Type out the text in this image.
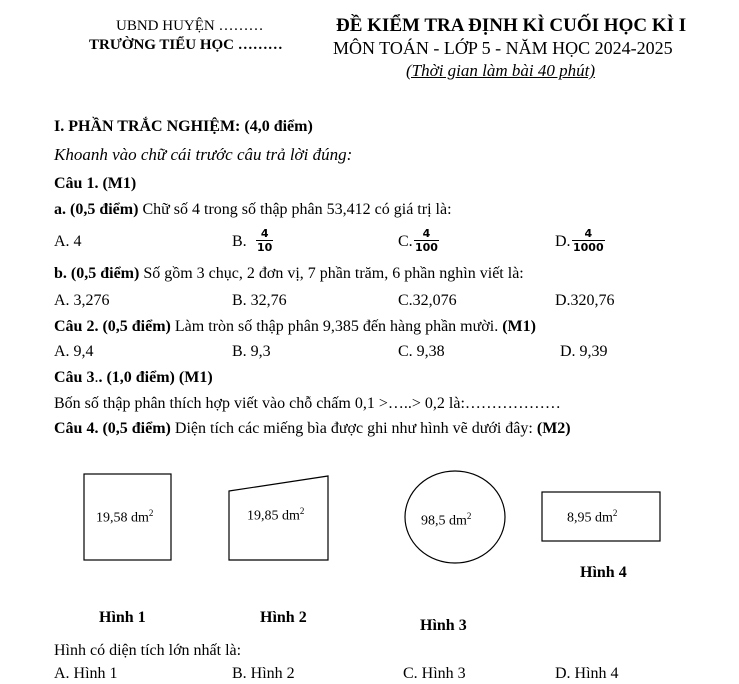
UBND HUYỆN ………
TRƯỜNG TIỂU HỌC ………
ĐỀ KIỂM TRA ĐỊNH KÌ CUỐI HỌC KÌ I
MÔN TOÁN - LỚP 5 - NĂM HỌC 2024-2025
(Thời gian làm bài 40 phút)
I. PHẦN TRẮC NGHIỆM: (4,0 điểm)
Khoanh vào chữ cái trước câu trả lời đúng:
Câu 1. (M1)
a. (0,5 điểm) Chữ số 4 trong số thập phân 53,412 có giá trị là:
A. 4	B. $\frac{4}{10}$	C. $\frac{4}{100}$	D. $\frac{4}{1000}$
b. (0,5 điểm) Số gồm 3 chục, 2 đơn vị, 7 phần trăm, 6 phần nghìn viết là:
A. 3,276	B. 32,76	C.32,076	D.320,76
Câu 2. (0,5 điểm) Làm tròn số thập phân 9,385 đến hàng phần mười. (M1)
A. 9,4	B. 9,3	C. 9,38	D. 9,39
Câu 3.. (1,0 điểm) (M1)
Bốn số thập phân thích hợp viết vào chỗ chấm 0,1 >…..> 0,2 là:………………
Câu 4. (0,5 điểm) Diện tích các miếng bìa được ghi như hình vẽ dưới đây: (M2)
19,58 $dm^2$	19,85 $dm^2$
98,5 $dm^2$	8,95 $dm^2$
Hình 4
Hình 1	Hình 2	Hình 3
Hình có diện tích lớn nhất là:
A. Hình 1	B. Hình 2	C. Hình 3	D. Hình 4
